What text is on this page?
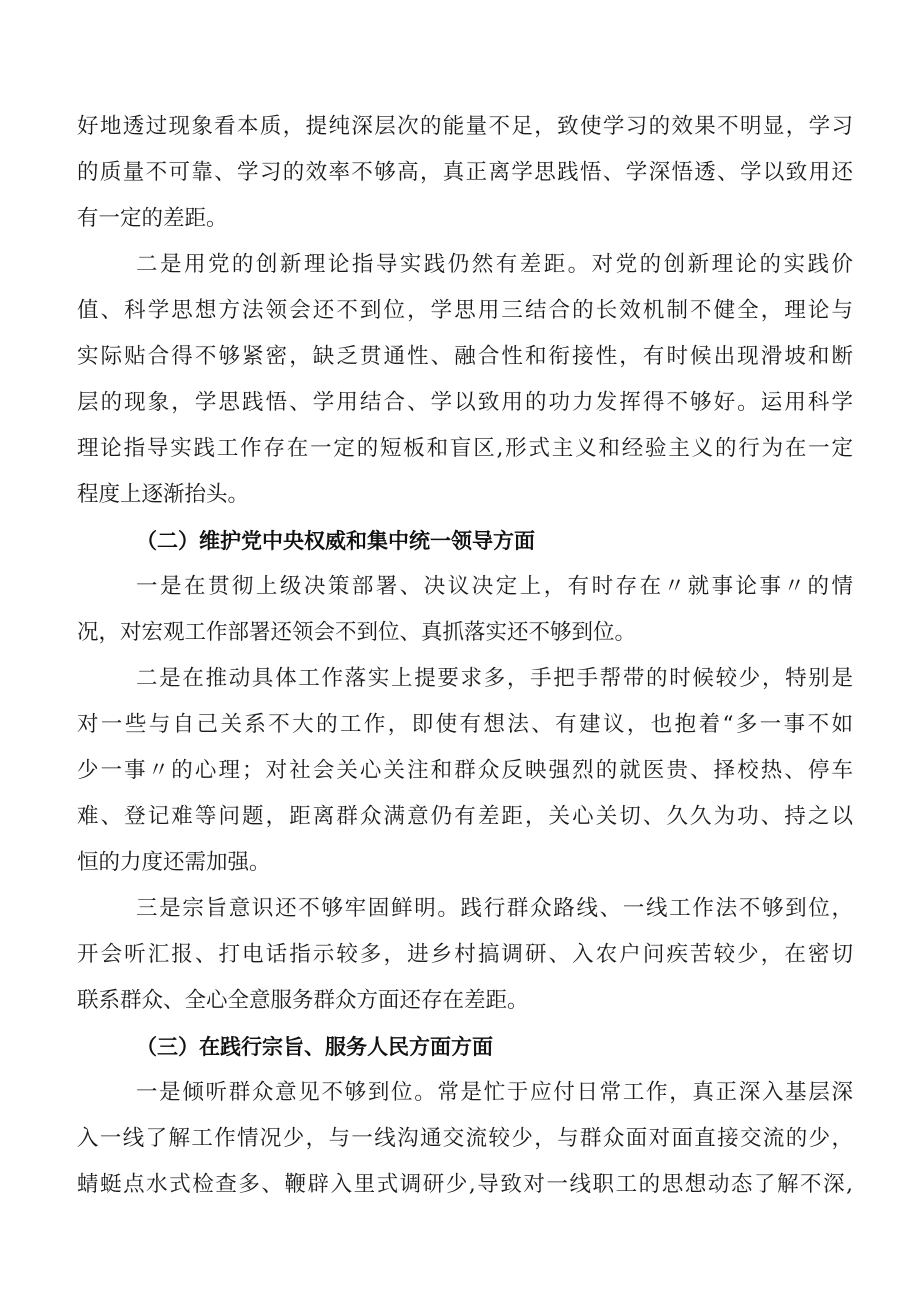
好地透过现象看本质，提纯深层次的能量不足，致使学习的效果不明显，学习
的质量不可靠、学习的效率不够高，真正离学思践悟、学深悟透、学以致用还
有一定的差距。
二是用党的创新理论指导实践仍然有差距。对党的创新理论的实践价
值、科学思想方法领会还不到位，学思用三结合的长效机制不健全，理论与
实际贴合得不够紧密，缺乏贯通性、融合性和衔接性，有时候出现滑坡和断
层的现象，学思践悟、学用结合、学以致用的功力发挥得不够好。运用科学
理论指导实践工作存在一定的短板和盲区,形式主义和经验主义的行为在一定
程度上逐渐抬头。
（二）维护党中央权威和集中统一领导方面
一是在贯彻上级决策部署、决议决定上，有时存在〃就事论事〃的情
况，对宏观工作部署还领会不到位、真抓落实还不够到位。
二是在推动具体工作落实上提要求多，手把手帮带的时候较少，特别是
对一些与自己关系不大的工作，即使有想法、有建议，也抱着“多一事不如
少一事〃的心理；对社会关心关注和群众反映强烈的就医贵、择校热、停车
难、登记难等问题，距离群众满意仍有差距，关心关切、久久为功、持之以
恒的力度还需加强。
三是宗旨意识还不够牢固鲜明。践行群众路线、一线工作法不够到位，
开会听汇报、打电话指示较多，进乡村搞调研、入农户问疾苦较少，在密切
联系群众、全心全意服务群众方面还存在差距。
（三）在践行宗旨、服务人民方面方面
一是倾听群众意见不够到位。常是忙于应付日常工作，真正深入基层深
入一线了解工作情况少，与一线沟通交流较少，与群众面对面直接交流的少，
蜻蜓点水式检查多、鞭辟入里式调研少,导致对一线职工的思想动态了解不深,
